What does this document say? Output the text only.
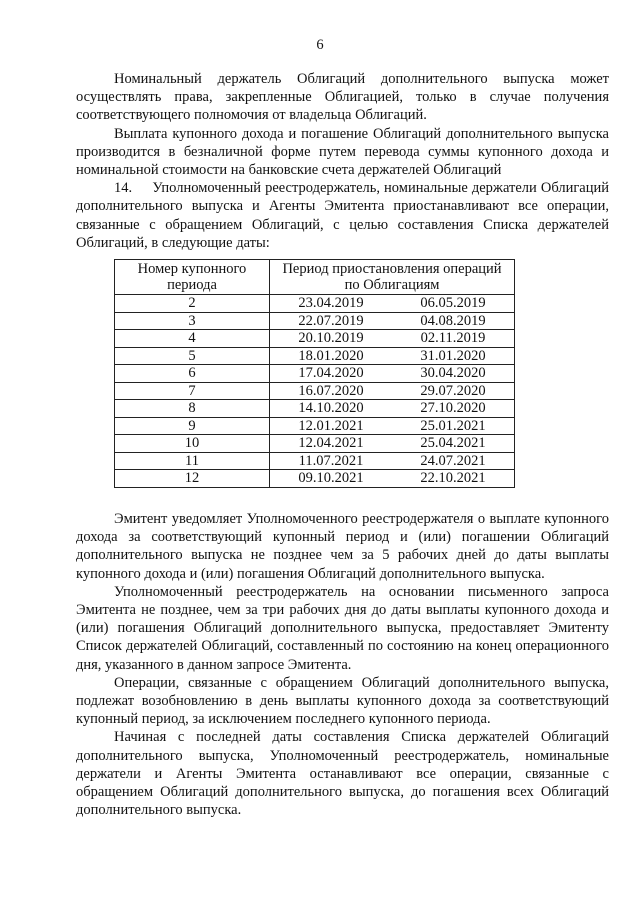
6

Номинальный держатель Облигаций дополнительного выпуска может осуществлять права, закрепленные Облигацией, только в случае получения соответствующего полномочия от владельца Облигаций.

Выплата купонного дохода и погашение Облигаций дополнительного выпуска производится в безналичной форме путем перевода суммы купонного дохода и номинальной стоимости на банковские счета держателей Облигаций

14.     Уполномоченный реестродержатель, номинальные держатели Облигаций дополнительного выпуска и Агенты Эмитента приостанавливают все операции, связанные с обращением Облигаций, с целью составления Списка держателей Облигаций, в следующие даты:

Номер купонного периода	Период приостановления операций по Облигациям	
2	23.04.2019	06.05.2019
3	22.07.2019	04.08.2019
4	20.10.2019	02.11.2019
5	18.01.2020	31.01.2020
6	17.04.2020	30.04.2020
7	16.07.2020	29.07.2020
8	14.10.2020	27.10.2020
9	12.01.2021	25.01.2021
10	12.04.2021	25.04.2021
11	11.07.2021	24.07.2021
12	09.10.2021	22.10.2021

Эмитент уведомляет Уполномоченного реестродержателя о выплате купонного дохода за соответствующий купонный период и (или) погашении Облигаций дополнительного выпуска не позднее чем за 5 рабочих дней до даты выплаты купонного дохода и (или) погашения Облигаций дополнительного выпуска.

Уполномоченный реестродержатель на основании письменного запроса Эмитента не позднее, чем за три рабочих дня до даты выплаты купонного дохода и (или) погашения Облигаций дополнительного выпуска, предоставляет Эмитенту Список держателей Облигаций, составленный по состоянию на конец операционного дня, указанного в данном запросе Эмитента.

Операции, связанные с обращением Облигаций дополнительного выпуска, подлежат возобновлению в день выплаты купонного дохода за соответствующий купонный период, за исключением последнего купонного периода.

Начиная с последней даты составления Списка держателей Облигаций дополнительного выпуска, Уполномоченный реестродержатель, номинальные держатели и Агенты Эмитента останавливают все операции, связанные с обращением Облигаций дополнительного выпуска, до погашения всех Облигаций дополнительного выпуска.
